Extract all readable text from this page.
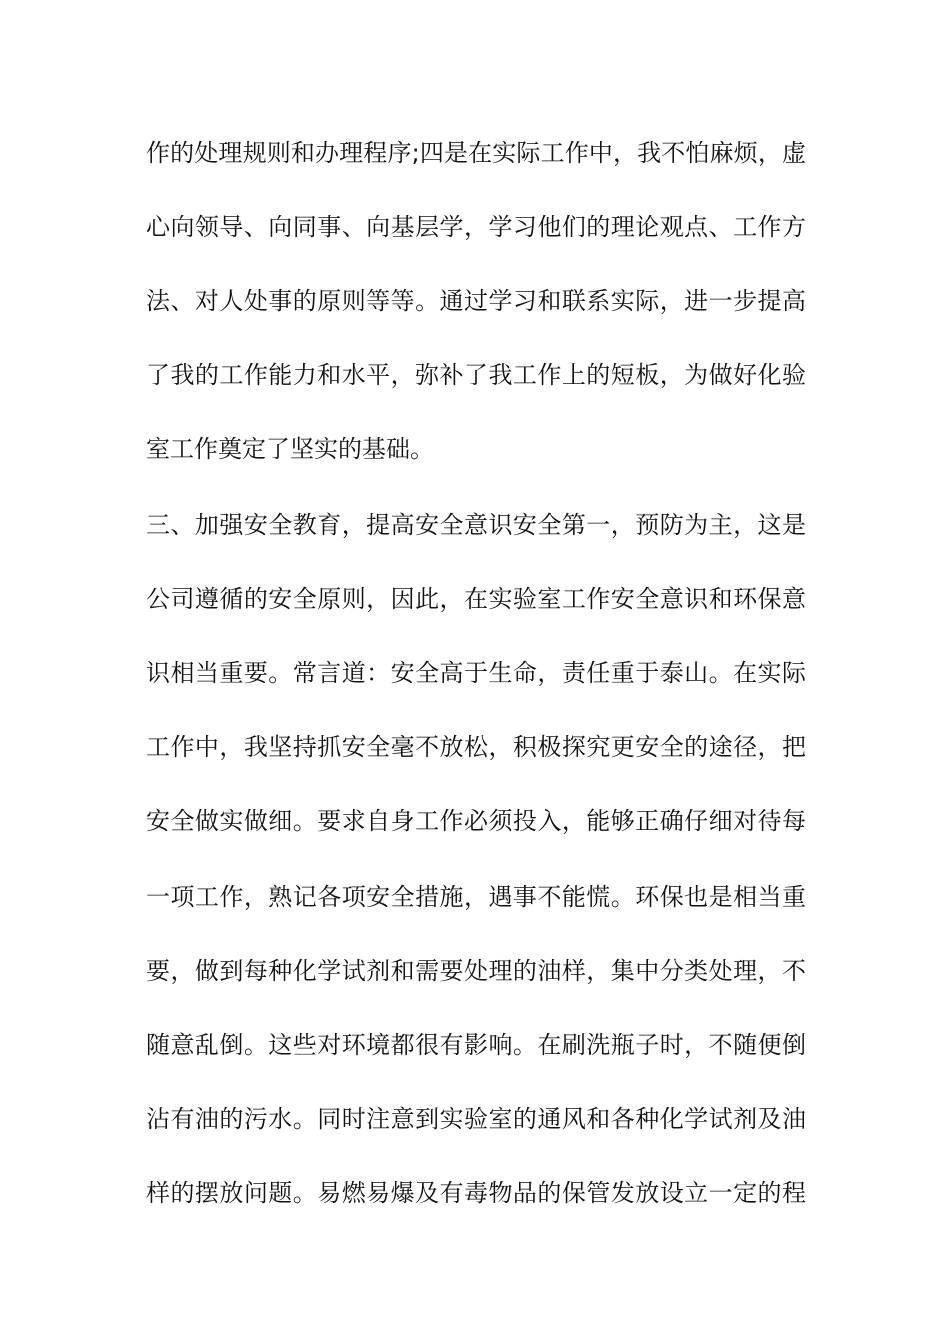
作的处理规则和办理程序;四是在实际工作中，我不怕麻烦，虚
心向领导、向同事、向基层学，学习他们的理论观点、工作方
法、对人处事的原则等等。通过学习和联系实际，进一步提高
了我的工作能力和水平，弥补了我工作上的短板，为做好化验
室工作奠定了坚实的基础。
三、加强安全教育，提高安全意识安全第一，预防为主，这是
公司遵循的安全原则，因此，在实验室工作安全意识和环保意
识相当重要。常言道：安全高于生命，责任重于泰山。在实际
工作中，我坚持抓安全毫不放松，积极探究更安全的途径，把
安全做实做细。要求自身工作必须投入，能够正确仔细对待每
一项工作，熟记各项安全措施，遇事不能慌。环保也是相当重
要，做到每种化学试剂和需要处理的油样，集中分类处理，不
随意乱倒。这些对环境都很有影响。在刷洗瓶子时，不随便倒
沾有油的污水。同时注意到实验室的通风和各种化学试剂及油
样的摆放问题。易燃易爆及有毒物品的保管发放设立一定的程
